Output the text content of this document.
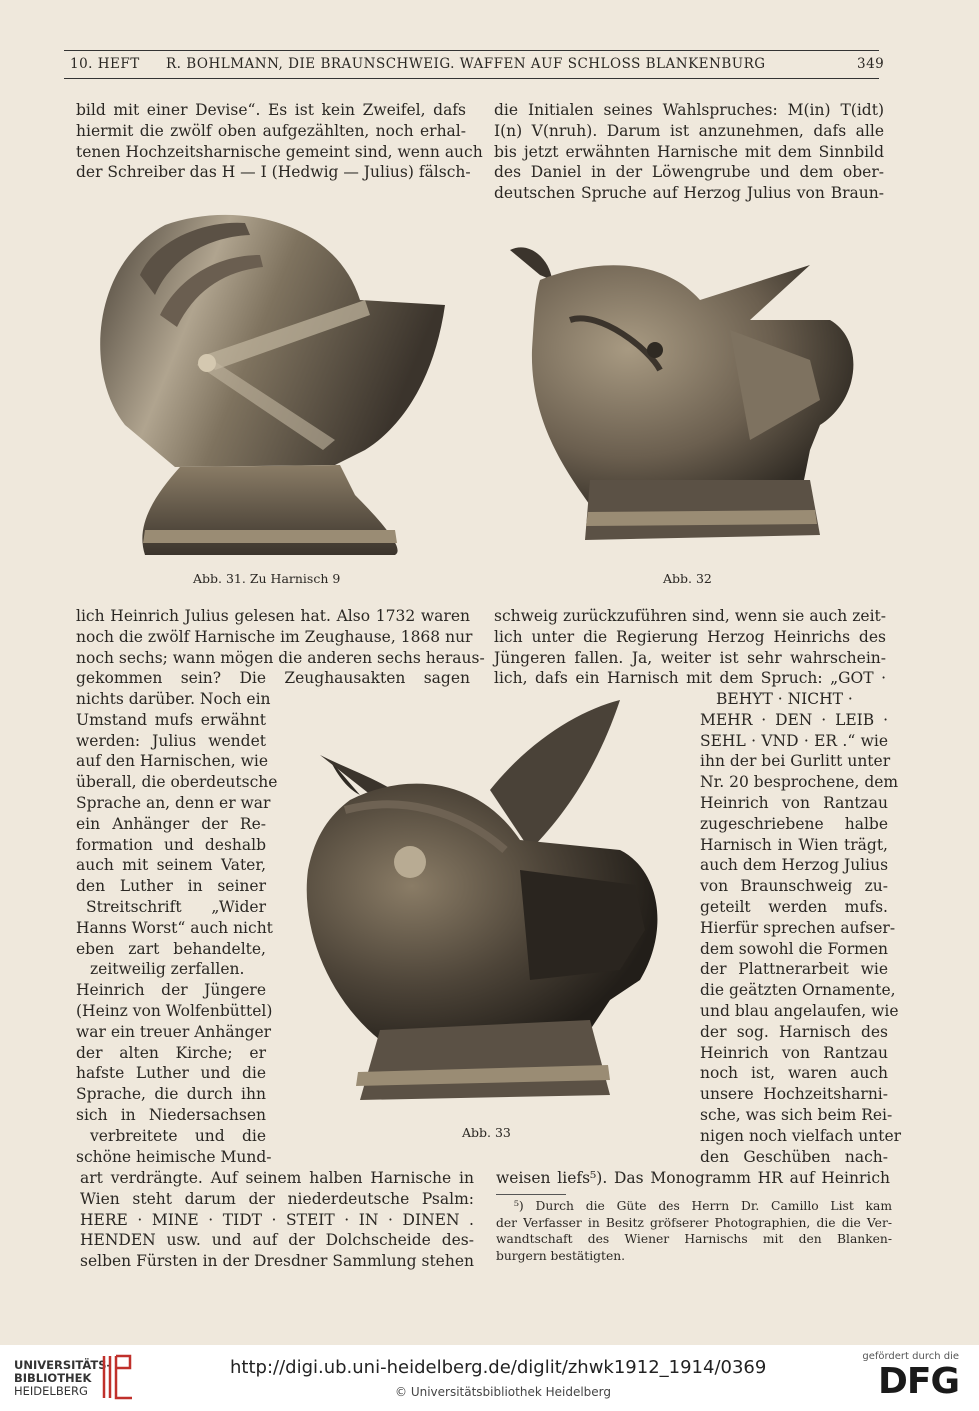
10. HEFT R. BOHLMANN, DIE BRAUNSCHWEIG. WAFFEN AUF SCHLOSS BLANKENBURG	349
bild mit einer Devise“. Es ist kein Zweifel, dafs
hiermit die zwölf oben aufgezählten, noch erhal-
tenen Hochzeitsharnische gemeint sind, wenn auch
der Schreiber das H — I (Hedwig — Julius) fälsch-
die Initialen seines Wahlspruches: M(in) T(idt)
I(n) V(nruh). Darum ist anzunehmen, dafs alle
bis jetzt erwähnten Harnische mit dem Sinnbild
des Daniel in der Löwengrube und dem ober-
deutschen Spruche auf Herzog Julius von Braun-
Abb. 31. Zu Harnisch 9	Abb. 32
lich Heinrich Julius gelesen hat. Also 1732 waren
noch die zwölf Harnische im Zeughause, 1868 nur
noch sechs; wann mögen die anderen sechs heraus-
gekommen sein? Die Zeughausakten sagen
schweig zurückzuführen sind, wenn sie auch zeit-
lich unter die Regierung Herzog Heinrichs des
Jüngeren fallen. Ja, weiter ist sehr wahrschein-
lich, dafs ein Harnisch mit dem Spruch: „GOT ·
nichts darüber. Noch ein
Umstand mufs erwähnt
werden: Julius wendet
auf den Harnischen, wie
überall, die oberdeutsche
Sprache an, denn er war
ein Anhänger der Re-
formation und deshalb
auch mit seinem Vater,
den Luther in seiner
Streitschrift „Wider
Hanns Worst“ auch nicht
eben zart behandelte,
zeitweilig zerfallen.
Heinrich der Jüngere
(Heinz von Wolfenbüttel)
war ein treuer Anhänger
der alten Kirche; er
hafste Luther und die
Sprache, die durch ihn
sich in Niedersachsen
verbreitete und die
schöne heimische Mund-
Abb. 33
BEHYT · NICHT ·
MEHR · DEN · LEIB ·
SEHL · VND · ER .“ wie
ihn der bei Gurlitt unter
Nr. 20 besprochene, dem
Heinrich von Rantzau
zugeschriebene halbe
Harnisch in Wien trägt,
auch dem Herzog Julius
von Braunschweig zu-
geteilt werden mufs.
Hierfür sprechen aufser-
dem sowohl die Formen
der Plattnerarbeit wie
die geätzten Ornamente,
und blau angelaufen, wie
der sog. Harnisch des
Heinrich von Rantzau
noch ist, waren auch
unsere Hochzeitsharni-
sche, was sich beim Rei-
nigen noch vielfach unter
den Geschüben nach-
art verdrängte. Auf seinem halben Harnische in
Wien steht darum der niederdeutsche Psalm:
HERE · MINE · TIDT · STEIT · IN · DINEN .
HENDEN usw. und auf der Dolchscheide des-
selben Fürsten in der Dresdner Sammlung stehen
weisen liefs⁵). Das Monogramm HR auf Heinrich
⁵) Durch die Güte des Herrn Dr. Camillo List kam
der Verfasser in Besitz gröfserer Photographien, die die Ver-
wandtschaft des Wiener Harnischs mit den Blanken-
burgern bestätigten.
UNIVERSITÄTS-
BIBLIOTHEK
HEIDELBERG
http://digi.ub.uni-heidelberg.de/diglit/zhwk1912_1914/0369
© Universitätsbibliothek Heidelberg
gefördert durch die
DFG
